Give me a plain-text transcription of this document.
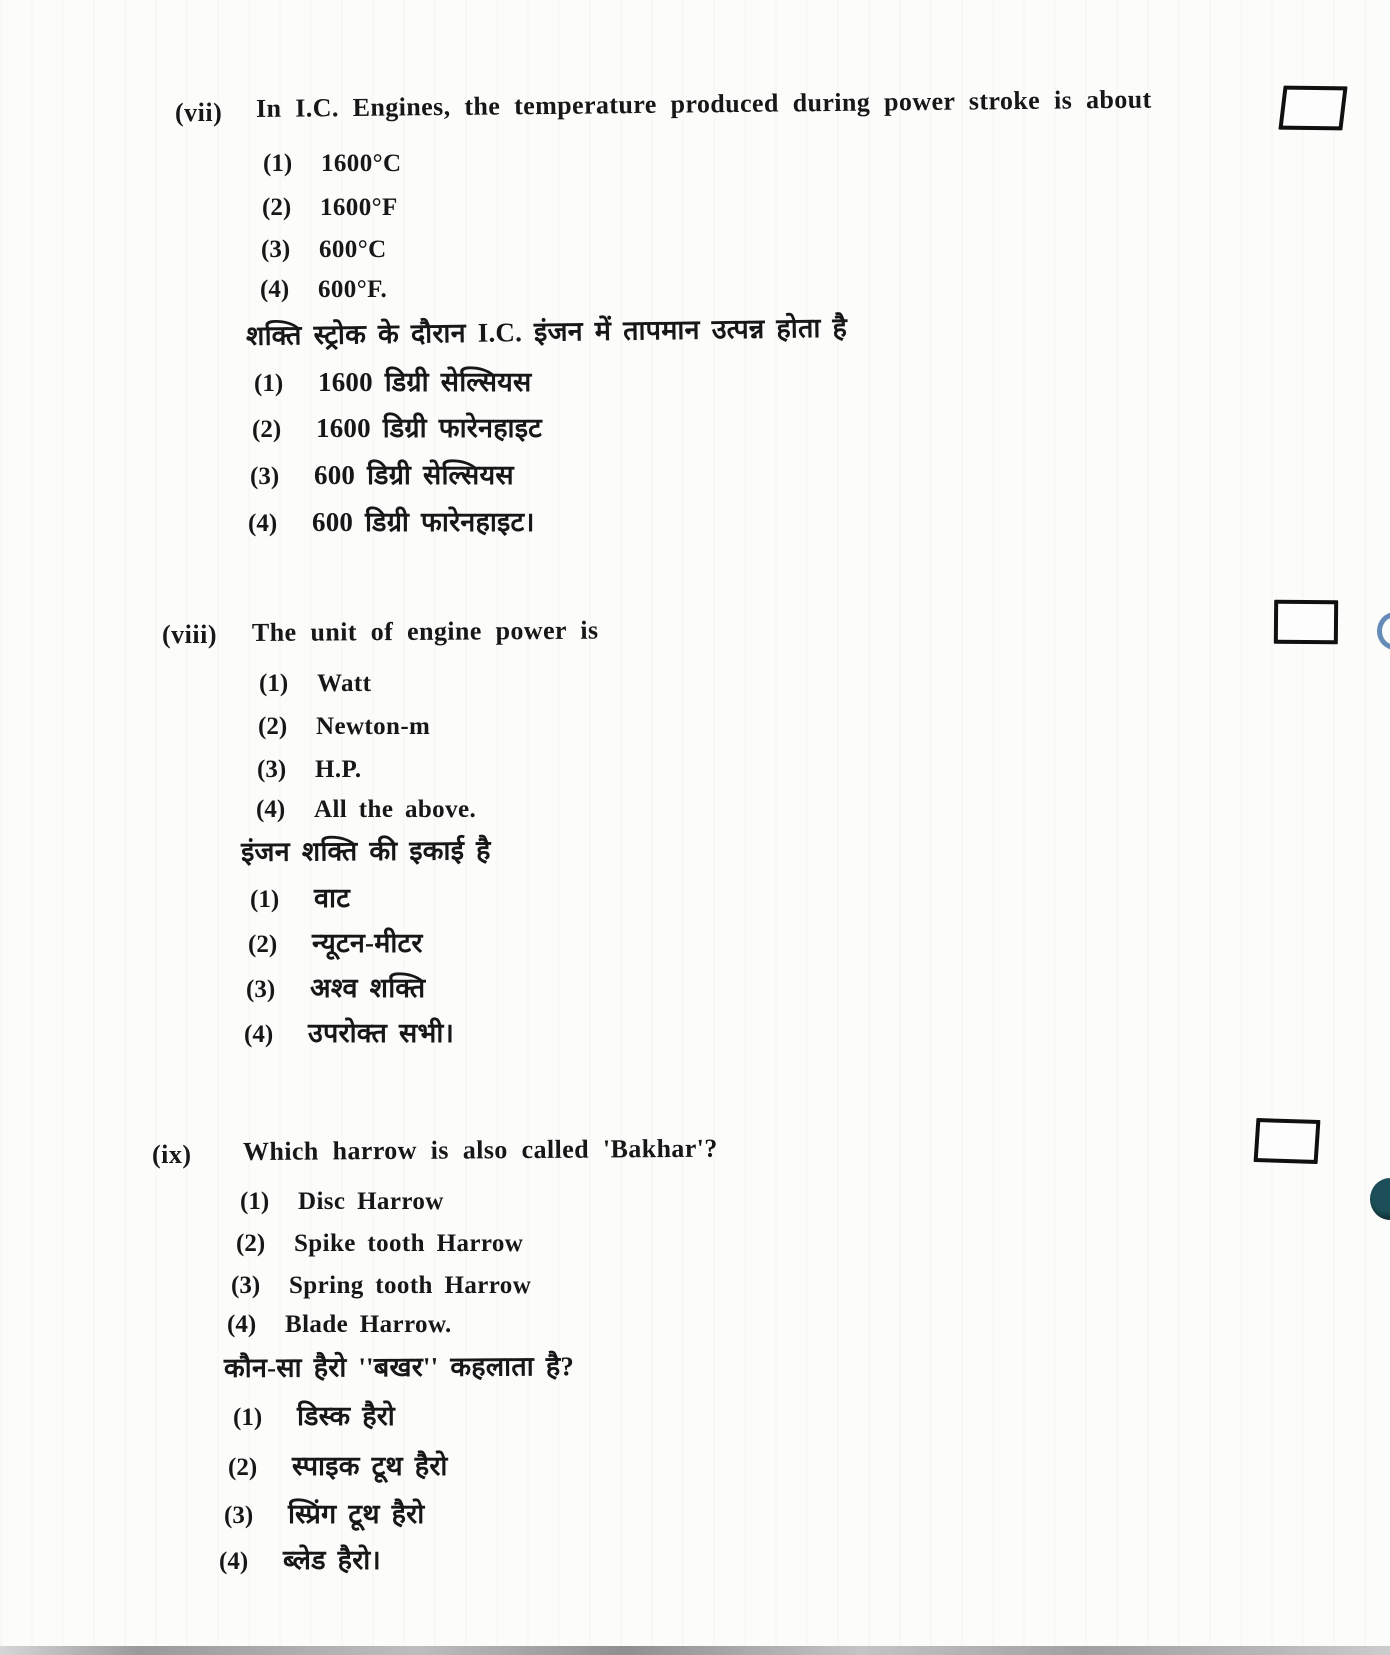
(vii) In I.C. Engines, the temperature produced during power stroke is about
(1)	1600°C
(2)	1600°F
(3)	600°C
(4)	600°F.
शक्ति स्ट्रोक के दौरान I.C. इंजन में तापमान उत्पन्न होता है
(1)	1600 डिग्री सेल्सियस
(2)	1600 डिग्री फारेनहाइट
(3)	600 डिग्री सेल्सियस
(4)	600 डिग्री फारेनहाइट।
(viii) The unit of engine power is
(1)	Watt
(2)	Newton-m
(3)	H.P.
(4)	All the above.
इंजन शक्ति की इकाई है
(1)	वाट
(2)	न्यूटन-मीटर
(3)	अश्व शक्ति
(4)	उपरोक्त सभी।
(ix) Which harrow is also called 'Bakhar'?
(1)	Disc Harrow
(2)	Spike tooth Harrow
(3)	Spring tooth Harrow
(4)	Blade Harrow.
कौन-सा हैरो ''बखर'' कहलाता है?
(1)	डिस्क हैरो
(2)	स्पाइक टूथ हैरो
(3)	स्प्रिंग टूथ हैरो
(4)	ब्लेड हैरो।
